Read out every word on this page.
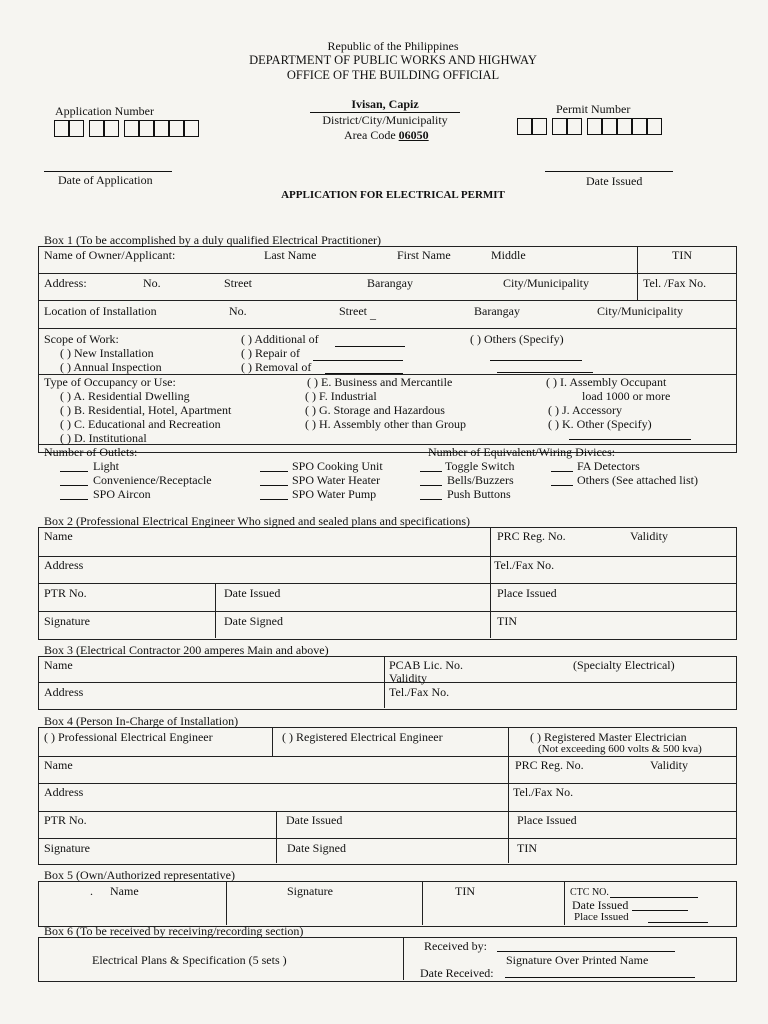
Republic of the Philippines
DEPARTMENT OF PUBLIC WORKS AND HIGHWAY
OFFICE OF THE BUILDING OFFICIAL
Application Number	Ivisan, Capiz
District/City/Municipality
Area Code 06050
Permit Number
Date of Application	Date Issued
APPLICATION FOR ELECTRICAL PERMIT
Box 1 (To be accomplished by a duly qualified Electrical Practitioner)
Name of Owner/Applicant:	Last Name	First Name	Middle	TIN
Address:	No.	Street	Barangay	City/Municipality	Tel. /Fax No.
Location of Installation	No.	Street _	Barangay	City/Municipality
Scope of Work:
( ) New Installation
( ) Annual Inspection
( ) Additional of
( ) Repair of
( ) Removal of
( ) Others (Specify)
Type of Occupancy or Use:
( ) A. Residential Dwelling
( ) B. Residential, Hotel, Apartment
( ) C. Educational and Recreation
( ) D. Institutional
( ) E. Business and Mercantile
( ) F. Industrial
( ) G. Storage and Hazardous
( ) H. Assembly other than Group
( ) I. Assembly Occupant
load 1000 or more
( ) J. Accessory
( ) K. Other (Specify)
Number of Outlets:
Light
Convenience/Receptacle
SPO Aircon
SPO Cooking Unit
SPO Water Heater
SPO Water Pump
Number of Equivalent/Wiring Divices:
Toggle Switch
Bells/Buzzers
Push Buttons
FA Detectors
Others (See attached list)
Box 2 (Professional Electrical Engineer Who signed and sealed plans and specifications)
Name	PRC Reg. No.	Validity
Address	Tel./Fax No.
PTR No.	Date Issued	Place Issued
Signature	Date Signed	TIN
Box 3 (Electrical Contractor 200 amperes Main and above)
Name	PCAB Lic. No.	(Specialty Electrical)
Validity
Address	Tel./Fax No.
Box 4 (Person In-Charge of Installation)
( ) Professional Electrical Engineer	( ) Registered Electrical Engineer	( ) Registered Master Electrician
(Not exceeding 600 volts & 500 kva)
Name	PRC Reg. No.	Validity
Address	Tel./Fax No.
PTR No.	Date Issued	Place Issued
Signature	Date Signed	TIN
Box 5 (Own/Authorized representative)
. Name	Signature	TIN	CTC NO.
Date Issued
Place Issued
Box 6 (To be received by receiving/recording section)
Electrical Plans & Specification (5 sets )
Received by:
Signature Over Printed Name
Date Received:
